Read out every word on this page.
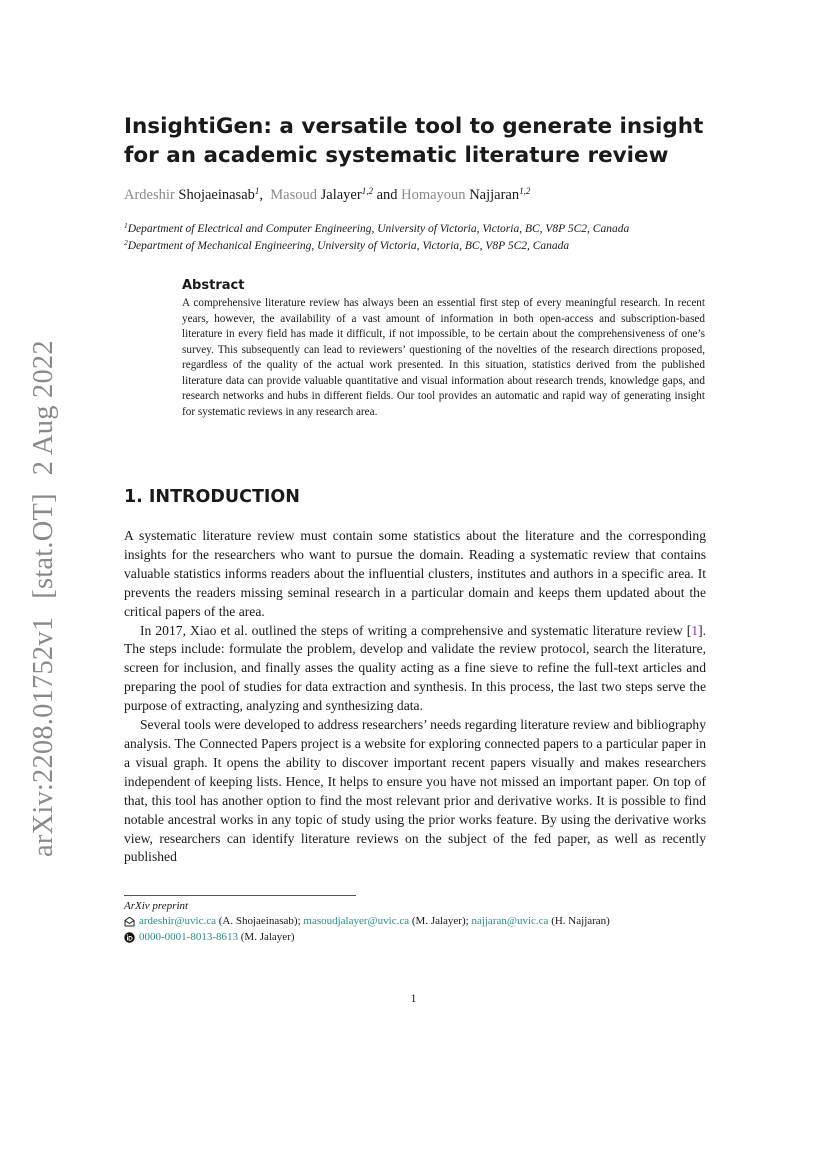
arXiv:2208.01752v1[stat.OT]2 Aug 2022
InsightiGen: a versatile tool to generate insight for an academic systematic literature review
Ardeshir Shojaeinasab$^1$,  Masoud Jalayer$^{1,2}$ and Homayoun Najjaran$^{1,2}$
$^1$Department of Electrical and Computer Engineering, University of Victoria, Victoria, BC, V8P 5C2, Canada
$^2$Department of Mechanical Engineering, University of Victoria, Victoria, BC, V8P 5C2, Canada
Abstract
A comprehensive literature review has always been an essential first step of every meaningful research. In recent years, however, the availability of a vast amount of information in both open-access and subscription-based literature in every field has made it difficult, if not impossible, to be certain about the comprehensiveness of one’s survey. This subsequently can lead to reviewers’ questioning of the novelties of the research directions proposed, regardless of the quality of the actual work presented. In this situation, statistics derived from the published literature data can provide valuable quantitative and visual information about research trends, knowledge gaps, and research networks and hubs in different fields. Our tool provides an automatic and rapid way of generating insight for systematic reviews in any research area.
1. INTRODUCTION

A systematic literature review must contain some statistics about the literature and the corresponding insights for the researchers who want to pursue the domain. Reading a systematic review that contains valuable statistics informs readers about the influential clusters, institutes and authors in a specific area. It prevents the readers missing seminal research in a particular domain and keeps them updated about the critical papers of the area.

In 2017, Xiao et al. outlined the steps of writing a comprehensive and systematic literature review [1]. The steps include: formulate the problem, develop and validate the review protocol, search the literature, screen for inclusion, and finally asses the quality acting as a fine sieve to refine the full-text articles and preparing the pool of studies for data extraction and synthesis. In this process, the last two steps serve the purpose of extracting, analyzing and synthesizing data.

Several tools were developed to address researchers’ needs regarding literature review and bibliography analysis. The Connected Papers project is a website for exploring connected papers to a particular paper in a visual graph. It opens the ability to discover important recent papers visually and makes researchers independent of keeping lists. Hence, It helps to ensure you have not missed an important paper. On top of that, this tool has another option to find the most relevant prior and derivative works. It is possible to find notable ancestral works in any topic of study using the prior works feature. By using the derivative works view, researchers can identify literature reviews on the subject of the fed paper, as well as recently published

ArXiv preprint
ardeshir@uvic.ca
(A. Shojaeinasab);
masoudjalayer@uvic.ca
(M. Jalayer);
najjaran@uvic.ca
(H. Najjaran)
0000-0001-8013-8613
(M. Jalayer)
1
